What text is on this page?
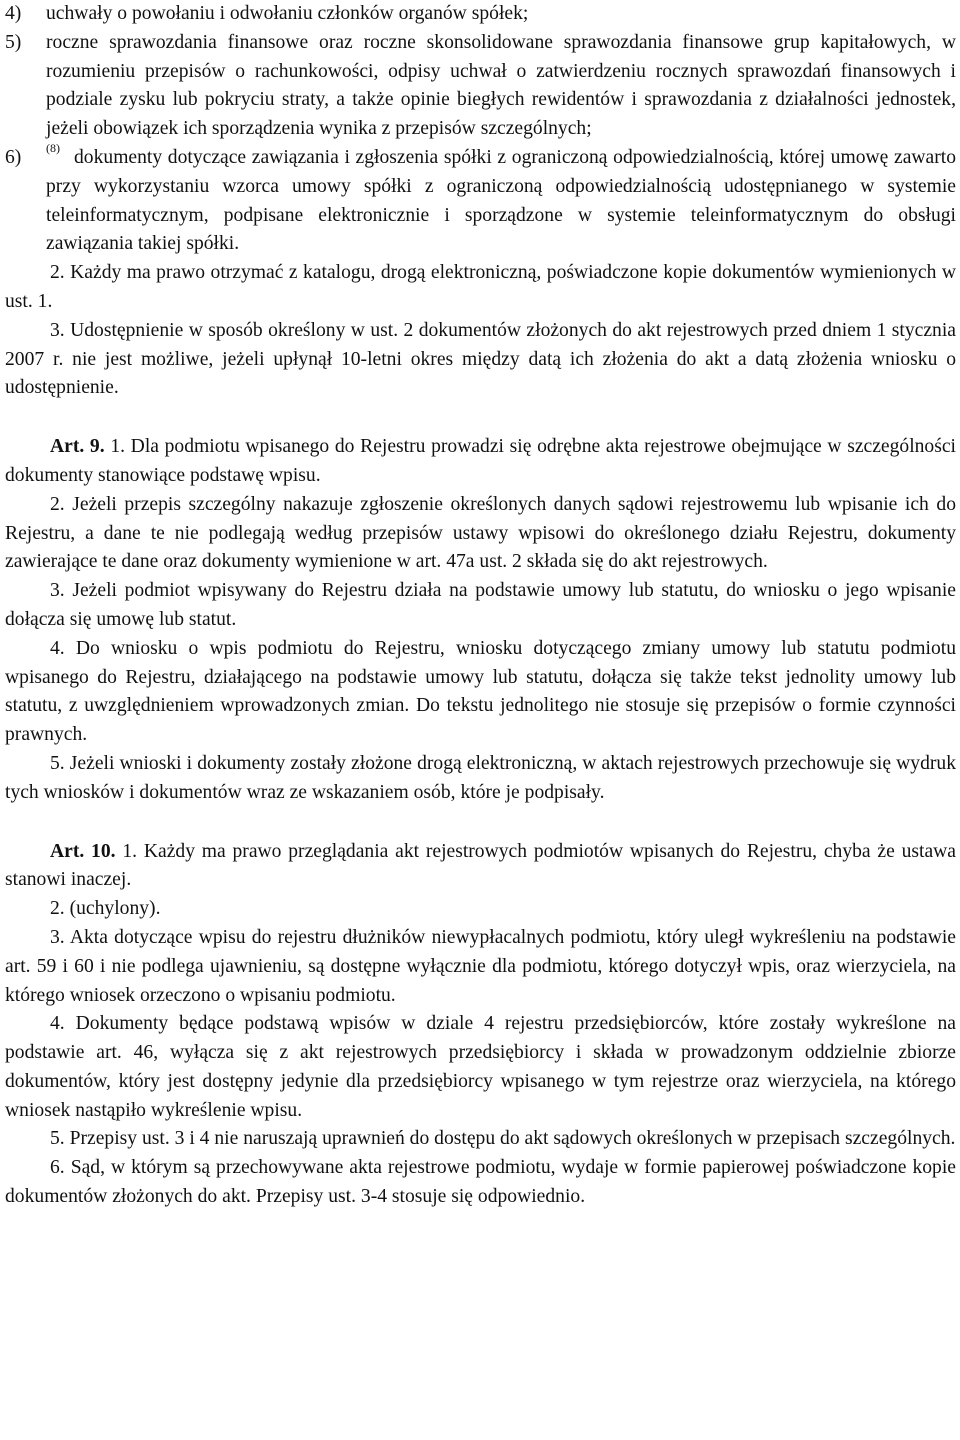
4) uchwały o powołaniu i odwołaniu członków organów spółek;

5) roczne sprawozdania finansowe oraz roczne skonsolidowane sprawozdania finansowe grup kapitałowych, w rozumieniu przepisów o rachunkowości, odpisy uchwał o zatwierdzeniu rocznych sprawozdań finansowych i podziale zysku lub pokryciu straty, a także opinie biegłych rewidentów i sprawozdania z działalności jednostek, jeżeli obowiązek ich sporządzenia wynika z przepisów szczególnych;

6) $^{(8)}$ dokumenty dotyczące zawiązania i zgłoszenia spółki z ograniczoną odpowiedzialnością, której umowę zawarto przy wykorzystaniu wzorca umowy spółki z ograniczoną odpowiedzialnością udostępnianego w systemie teleinformatycznym, podpisane elektronicznie i sporządzone w systemie teleinformatycznym do obsługi zawiązania takiej spółki.

2. Każdy ma prawo otrzymać z katalogu, drogą elektroniczną, poświadczone kopie dokumentów wymienionych w ust. 1.

3. Udostępnienie w sposób określony w ust. 2 dokumentów złożonych do akt rejestrowych przed dniem 1 stycznia 2007 r. nie jest możliwe, jeżeli upłynął 10-letni okres między datą ich złożenia do akt a datą złożenia wniosku o udostępnienie.

Art. 9. 1. Dla podmiotu wpisanego do Rejestru prowadzi się odrębne akta rejestrowe obejmujące w szczególności dokumenty stanowiące podstawę wpisu.

2. Jeżeli przepis szczególny nakazuje zgłoszenie określonych danych sądowi rejestrowemu lub wpisanie ich do Rejestru, a dane te nie podlegają według przepisów ustawy wpisowi do określonego działu Rejestru, dokumenty zawierające te dane oraz dokumenty wymienione w art. 47a ust. 2 składa się do akt rejestrowych.

3. Jeżeli podmiot wpisywany do Rejestru działa na podstawie umowy lub statutu, do wniosku o jego wpisanie dołącza się umowę lub statut.

4. Do wniosku o wpis podmiotu do Rejestru, wniosku dotyczącego zmiany umowy lub statutu podmiotu wpisanego do Rejestru, działającego na podstawie umowy lub statutu, dołącza się także tekst jednolity umowy lub statutu, z uwzględnieniem wprowadzonych zmian. Do tekstu jednolitego nie stosuje się przepisów o formie czynności prawnych.

5. Jeżeli wnioski i dokumenty zostały złożone drogą elektroniczną, w aktach rejestrowych przechowuje się wydruk tych wniosków i dokumentów wraz ze wskazaniem osób, które je podpisały.

Art. 10. 1. Każdy ma prawo przeglądania akt rejestrowych podmiotów wpisanych do Rejestru, chyba że ustawa stanowi inaczej.

2. (uchylony).

3. Akta dotyczące wpisu do rejestru dłużników niewypłacalnych podmiotu, który uległ wykreśleniu na podstawie art. 59 i 60 i nie podlega ujawnieniu, są dostępne wyłącznie dla podmiotu, którego dotyczył wpis, oraz wierzyciela, na którego wniosek orzeczono o wpisaniu podmiotu.

4. Dokumenty będące podstawą wpisów w dziale 4 rejestru przedsiębiorców, które zostały wykreślone na podstawie art. 46, wyłącza się z akt rejestrowych przedsiębiorcy i składa w prowadzonym oddzielnie zbiorze dokumentów, który jest dostępny jedynie dla przedsiębiorcy wpisanego w tym rejestrze oraz wierzyciela, na którego wniosek nastąpiło wykreślenie wpisu.

5. Przepisy ust. 3 i 4 nie naruszają uprawnień do dostępu do akt sądowych określonych w przepisach szczególnych.

6. Sąd, w którym są przechowywane akta rejestrowe podmiotu, wydaje w formie papierowej poświadczone kopie dokumentów złożonych do akt. Przepisy ust. 3-4 stosuje się odpowiednio.
